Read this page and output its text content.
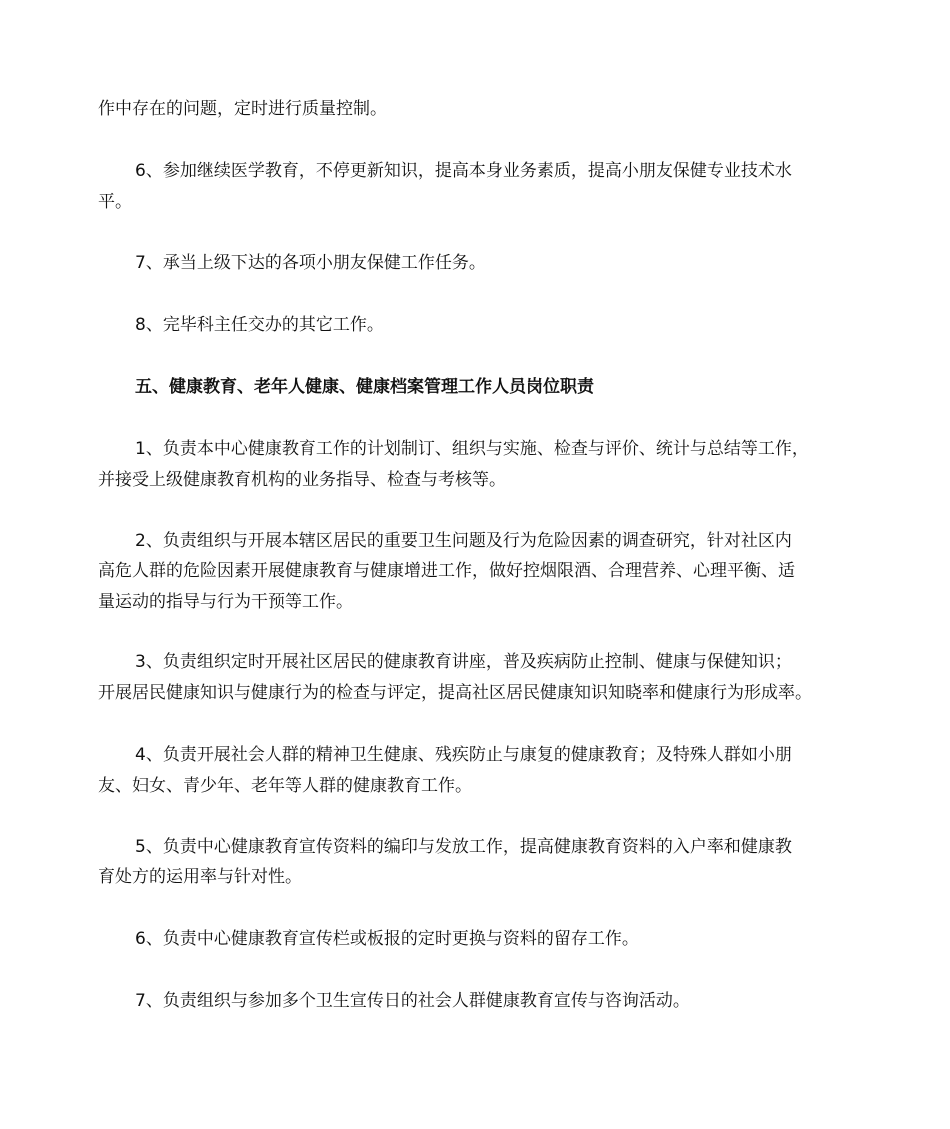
作中存在的问题，定时进行质量控制。
6、参加继续医学教育，不停更新知识，提高本身业务素质，提高小朋友保健专业技术水
平。
7、承当上级下达的各项小朋友保健工作任务。
8、完毕科主任交办的其它工作。
五、健康教育、老年人健康、健康档案管理工作人员岗位职责
1、负责本中心健康教育工作的计划制订、组织与实施、检查与评价、统计与总结等工作，
并接受上级健康教育机构的业务指导、检查与考核等。
2、负责组织与开展本辖区居民的重要卫生问题及行为危险因素的调查研究，针对社区内
高危人群的危险因素开展健康教育与健康增进工作，做好控烟限酒、合理营养、心理平衡、适
量运动的指导与行为干预等工作。
3、负责组织定时开展社区居民的健康教育讲座，普及疾病防止控制、健康与保健知识；
开展居民健康知识与健康行为的检查与评定，提高社区居民健康知识知晓率和健康行为形成率。
4、负责开展社会人群的精神卫生健康、残疾防止与康复的健康教育；及特殊人群如小朋
友、妇女、青少年、老年等人群的健康教育工作。
5、负责中心健康教育宣传资料的编印与发放工作，提高健康教育资料的入户率和健康教
育处方的运用率与针对性。
6、负责中心健康教育宣传栏或板报的定时更换与资料的留存工作。
7、负责组织与参加多个卫生宣传日的社会人群健康教育宣传与咨询活动。
